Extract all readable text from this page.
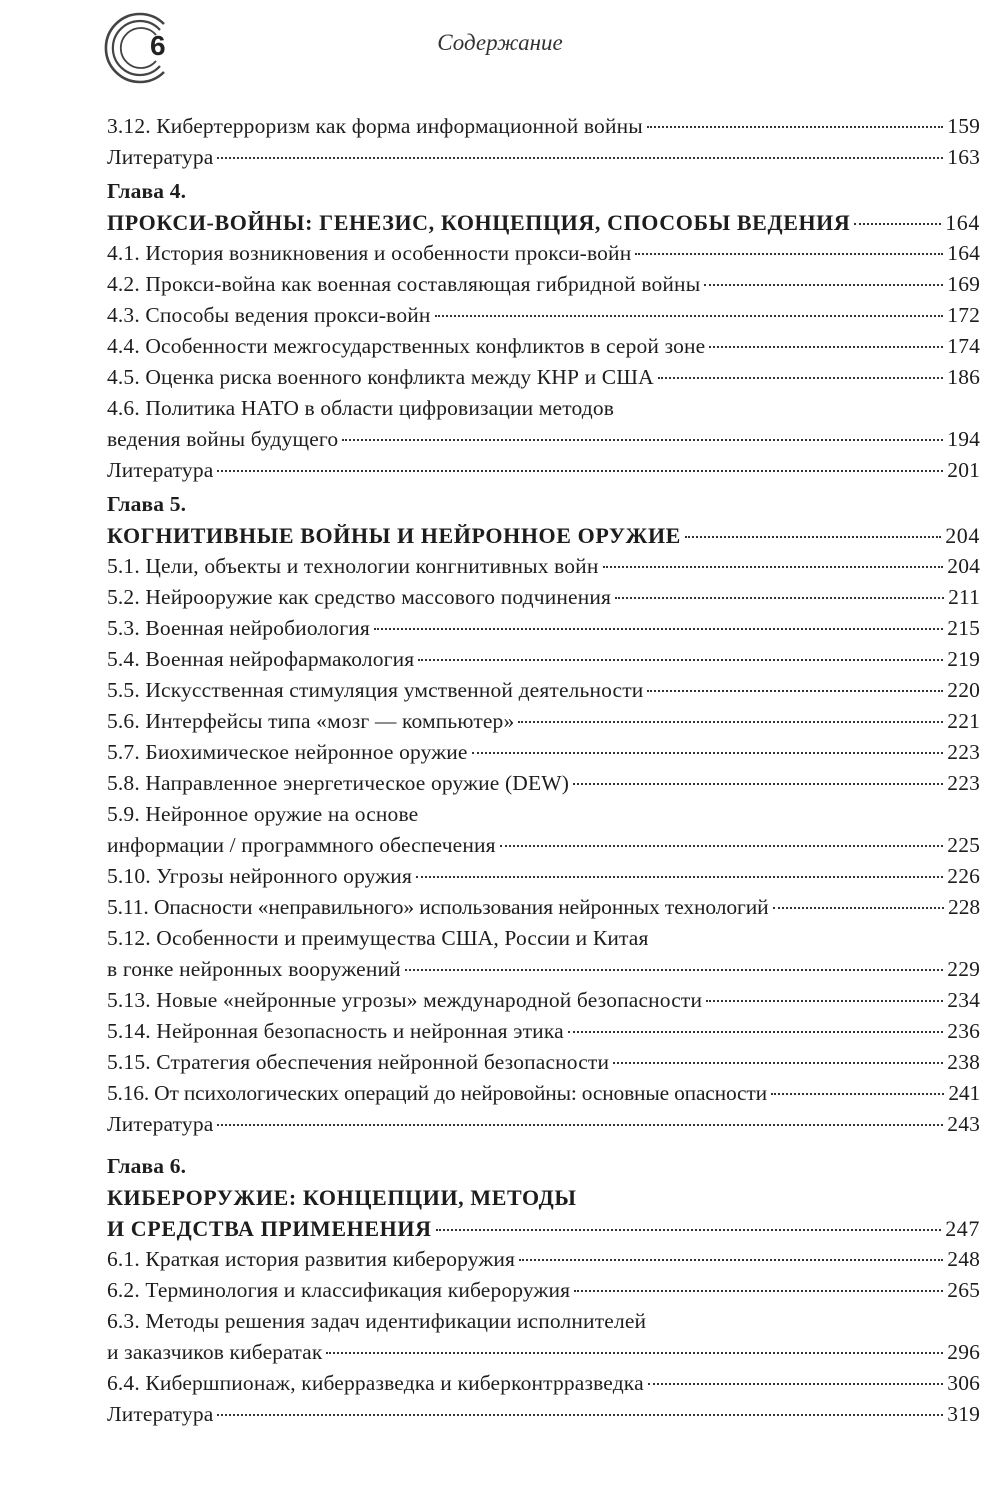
6	Содержание
3.12. Кибертерроризм как форма информационной войны	159
Литература	163
Глава 4.
ПРОКСИ-ВОЙНЫ: ГЕНЕЗИС, КОНЦЕПЦИЯ, СПОСОБЫ ВЕДЕНИЯ	164
4.1. История возникновения и особенности прокси-войн	164
4.2. Прокси-война как военная составляющая гибридной войны	169
4.3. Способы ведения прокси-войн	172
4.4. Особенности межгосударственных конфликтов в серой зоне	174
4.5. Оценка риска военного конфликта между КНР и США	186
4.6. Политика НАТО в области цифровизации методов
ведения войны будущего	194
Литература	201
Глава 5.
КОГНИТИВНЫЕ ВОЙНЫ И НЕЙРОННОЕ ОРУЖИЕ	204
5.1. Цели, объекты и технологии конгнитивных войн	204
5.2. Нейрооружие как средство массового подчинения	211
5.3. Военная нейробиология	215
5.4. Военная нейрофармакология	219
5.5. Искусственная стимуляция умственной деятельности	220
5.6. Интерфейсы типа «мозг — компьютер»	221
5.7. Биохимическое нейронное оружие	223
5.8. Направленное энергетическое оружие (DEW)	223
5.9. Нейронное оружие на основе
информации / программного обеспечения	225
5.10. Угрозы нейронного оружия	226
5.11. Опасности «неправильного» использования нейронных технологий	228
5.12. Особенности и преимущества США, России и Китая
в гонке нейронных вооружений	229
5.13. Новые «нейронные угрозы» международной безопасности	234
5.14. Нейронная безопасность и нейронная этика	236
5.15. Стратегия обеспечения нейронной безопасности	238
5.16. От психологических операций до нейровойны: основные опасности	241
Литература	243
Глава 6.
КИБЕРОРУЖИЕ: КОНЦЕПЦИИ, МЕТОДЫ
И СРЕДСТВА ПРИМЕНЕНИЯ	247
6.1. Краткая история развития кибероружия	248
6.2. Терминология и классификация кибероружия	265
6.3. Методы решения задач идентификации исполнителей
и заказчиков кибератак	296
6.4. Кибершпионаж, киберразведка и киберконтрразведка	306
Литература	319
